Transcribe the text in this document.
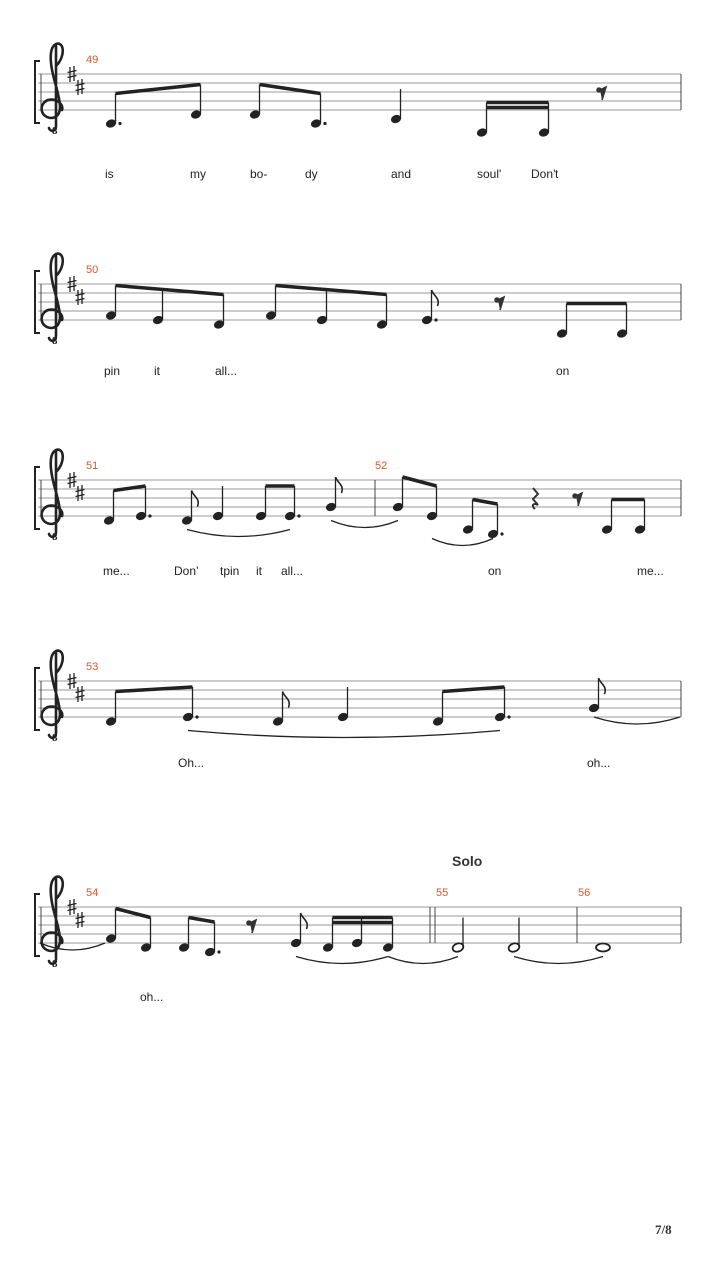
49
8
is	my	bo-	dy	and	soul' Don’ t
50
8
pin	it	all...	on
51	52
8
me...	Don’ tpin it all...	on	me...
53
8
Oh...	oh...
54	55	56
8
oh...
Solo
7/8
